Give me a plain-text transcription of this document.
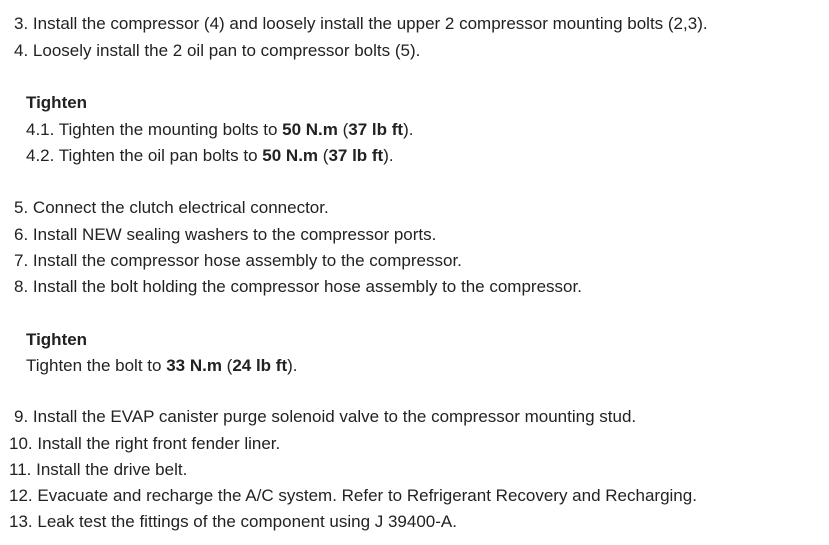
3. Install the compressor (4) and loosely install the upper 2 compressor mounting bolts (2,3).
4. Loosely install the 2 oil pan to compressor bolts (5).
Tighten
4.1. Tighten the mounting bolts to 50 N.m (37 lb ft).
4.2. Tighten the oil pan bolts to 50 N.m (37 lb ft).
5. Connect the clutch electrical connector.
6. Install NEW sealing washers to the compressor ports.
7. Install the compressor hose assembly to the compressor.
8. Install the bolt holding the compressor hose assembly to the compressor.
Tighten
Tighten the bolt to 33 N.m (24 lb ft).
9. Install the EVAP canister purge solenoid valve to the compressor mounting stud.
10. Install the right front fender liner.
11. Install the drive belt.
12. Evacuate and recharge the A/C system. Refer to Refrigerant Recovery and Recharging.
13. Leak test the fittings of the component using J 39400-A.
